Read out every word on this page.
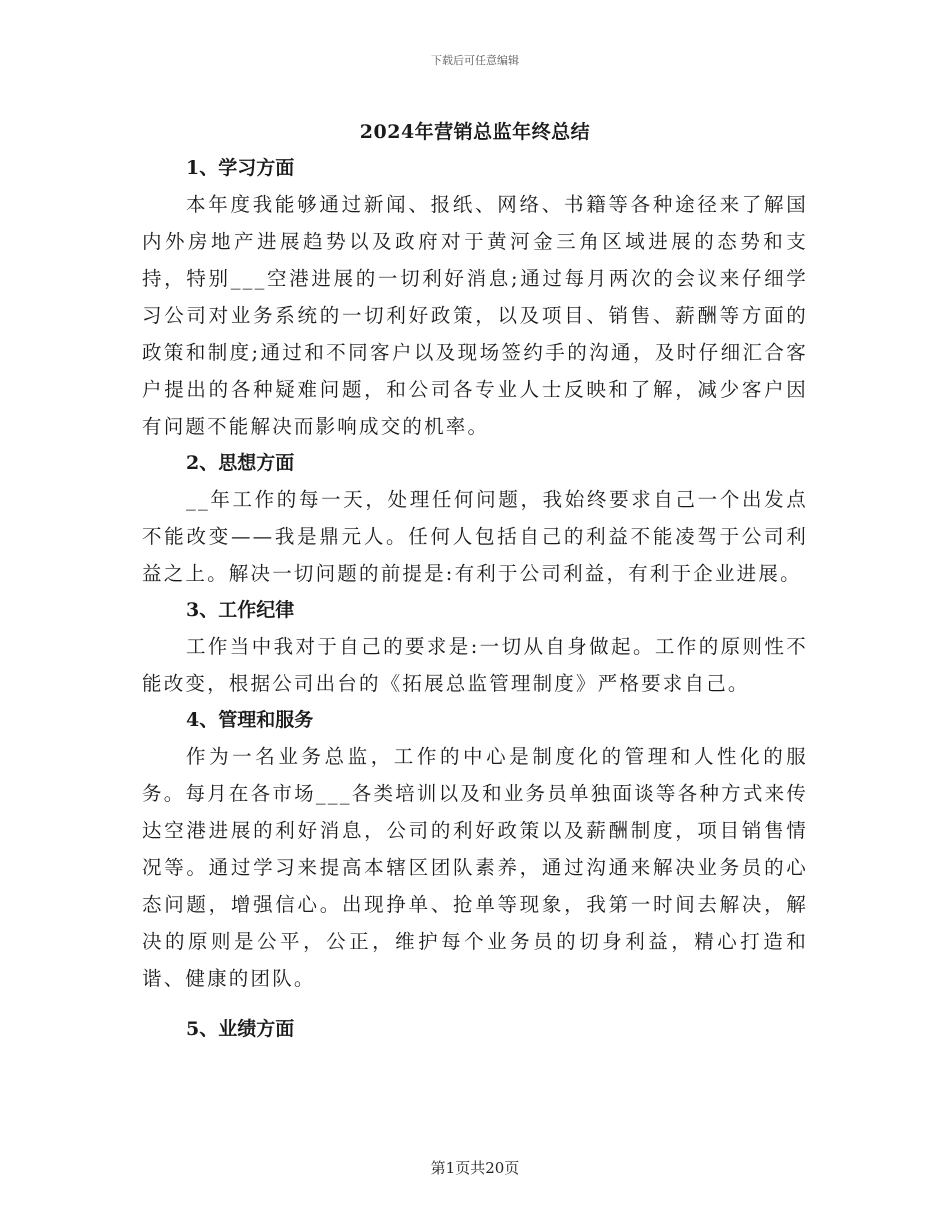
下载后可任意编辑
2024年营销总监年终总结

1、学习方面

本年度我能够通过新闻、报纸、网络、书籍等各种途径来了解国内外房地产进展趋势以及政府对于黄河金三角区域进展的态势和支持，特别___空港进展的一切利好消息;通过每月两次的会议来仔细学习公司对业务系统的一切利好政策，以及项目、销售、薪酬等方面的政策和制度;通过和不同客户以及现场签约手的沟通，及时仔细汇合客户提出的各种疑难问题，和公司各专业人士反映和了解，减少客户因有问题不能解决而影响成交的机率。

2、思想方面

__年工作的每一天，处理任何问题，我始终要求自己一个出发点不能改变——我是鼎元人。任何人包括自己的利益不能凌驾于公司利益之上。解决一切问题的前提是:有利于公司利益，有利于企业进展。

3、工作纪律

工作当中我对于自己的要求是:一切从自身做起。工作的原则性不能改变，根据公司出台的《拓展总监管理制度》严格要求自己。

4、管理和服务

作为一名业务总监，工作的中心是制度化的管理和人性化的服务。每月在各市场___各类培训以及和业务员单独面谈等各种方式来传达空港进展的利好消息，公司的利好政策以及薪酬制度，项目销售情况等。通过学习来提高本辖区团队素养，通过沟通来解决业务员的心态问题，增强信心。出现挣单、抢单等现象，我第一时间去解决，解决的原则是公平，公正，维护每个业务员的切身利益，精心打造和谐、健康的团队。

5、业绩方面

第1页共20页
